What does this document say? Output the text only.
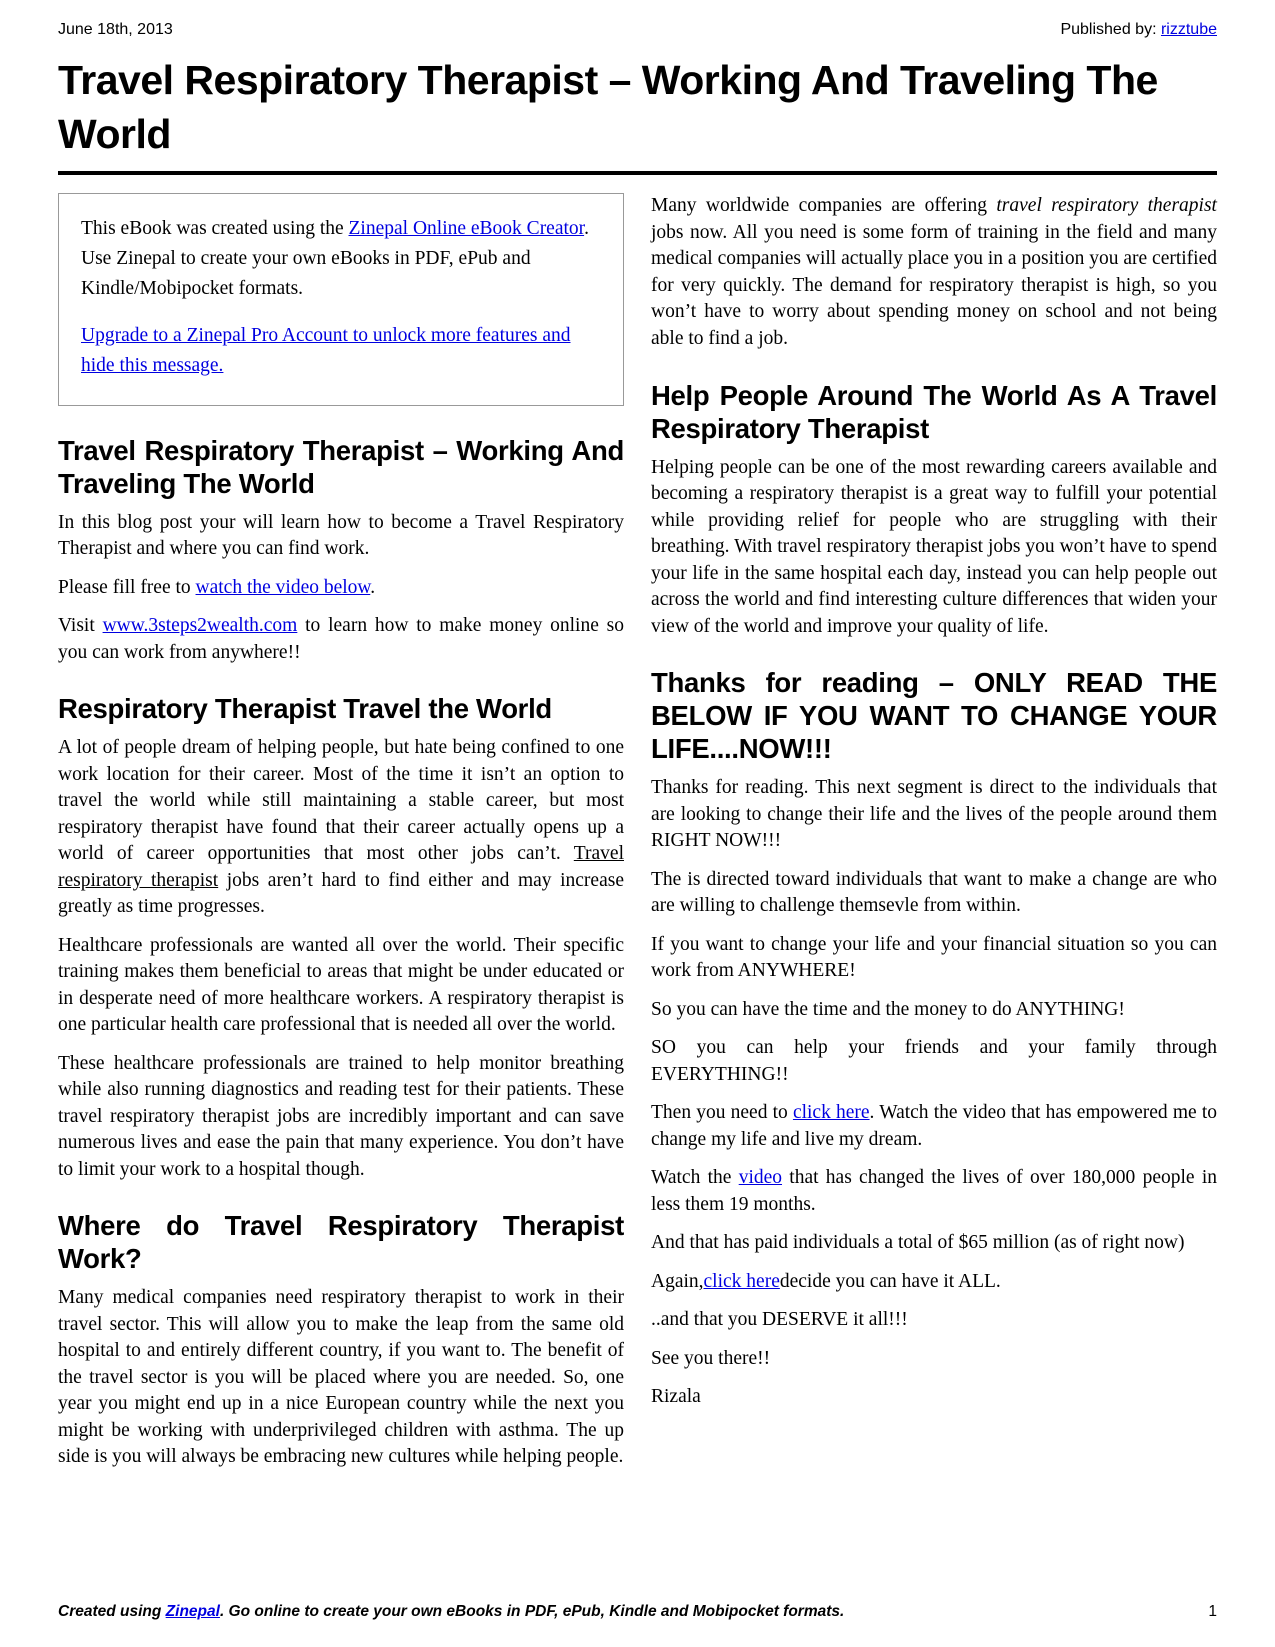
June 18th, 2013	Published by: rizztube
Travel Respiratory Therapist – Working And Traveling The World

This eBook was created using the Zinepal Online eBook Creator. Use Zinepal to create your own eBooks in PDF, ePub and Kindle/Mobipocket formats.

Upgrade to a Zinepal Pro Account to unlock more features and hide this message.

Travel Respiratory Therapist – Working And Traveling The World

In this blog post your will learn how to become a Travel Respiratory Therapist and where you can find work.

Please fill free to watch the video below.

Visit www.3steps2wealth.com to learn how to make money online so you can work from anywhere!!

Respiratory Therapist Travel the World

A lot of people dream of helping people, but hate being confined to one work location for their career. Most of the time it isn’t an option to travel the world while still maintaining a stable career, but most respiratory therapist have found that their career actually opens up a world of career opportunities that most other jobs can’t. Travel respiratory therapist jobs aren’t hard to find either and may increase greatly as time progresses.

Healthcare professionals are wanted all over the world. Their specific training makes them beneficial to areas that might be under educated or in desperate need of more healthcare workers. A respiratory therapist is one particular health care professional that is needed all over the world.

These healthcare professionals are trained to help monitor breathing while also running diagnostics and reading test for their patients. These travel respiratory therapist jobs are incredibly important and can save numerous lives and ease the pain that many experience. You don’t have to limit your work to a hospital though.

Where do Travel Respiratory Therapist Work?

Many medical companies need respiratory therapist to work in their travel sector. This will allow you to make the leap from the same old hospital to and entirely different country, if you want to. The benefit of the travel sector is you will be placed where you are needed. So, one year you might end up in a nice European country while the next you might be working with underprivileged children with asthma. The up side is you will always be embracing new cultures while helping people.

Many worldwide companies are offering travel respiratory therapist jobs now. All you need is some form of training in the field and many medical companies will actually place you in a position you are certified for very quickly. The demand for respiratory therapist is high, so you won’t have to worry about spending money on school and not being able to find a job.

Help People Around The World As A Travel Respiratory Therapist

Helping people can be one of the most rewarding careers available and becoming a respiratory therapist is a great way to fulfill your potential while providing relief for people who are struggling with their breathing. With travel respiratory therapist jobs you won’t have to spend your life in the same hospital each day, instead you can help people out across the world and find interesting culture differences that widen your view of the world and improve your quality of life.

Thanks for reading – ONLY READ THE BELOW IF YOU WANT TO CHANGE YOUR LIFE....NOW!!!

Thanks for reading. This next segment is direct to the individuals that are looking to change their life and the lives of the people around them RIGHT NOW!!!

The is directed toward individuals that want to make a change are who are willing to challenge themsevle from within.

If you want to change your life and your financial situation so you can work from ANYWHERE!

So you can have the time and the money to do ANYTHING!

SO you can help your friends and your family through EVERYTHING!!

Then you need to click here. Watch the video that has empowered me to change my life and live my dream.

Watch the video that has changed the lives of over 180,000 people in less them 19 months.

And that has paid individuals a total of $65 million (as of right now)

Again,click heredecide you can have it ALL.

..and that you DESERVE it all!!!

See you there!!

Rizala

Created using Zinepal. Go online to create your own eBooks in PDF, ePub, Kindle and Mobipocket formats.	1
